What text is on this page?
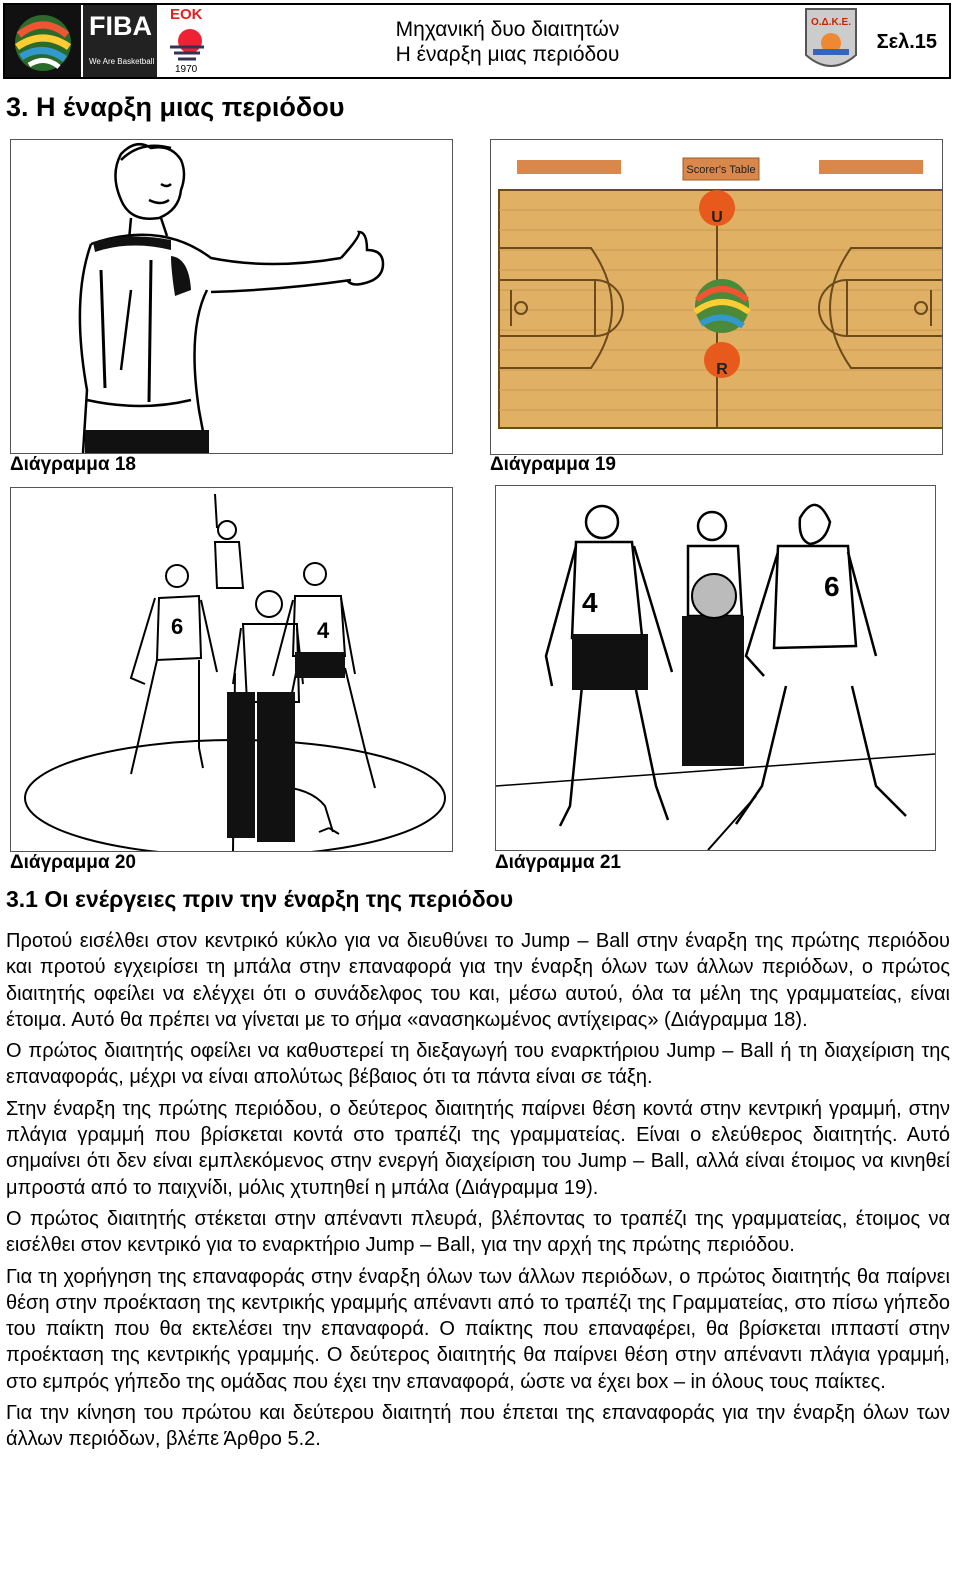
FIBA
We Are Basketball
ΕΟΚ
1970
Μηχανική δυο διαιτητών
Η έναρξη μιας περιόδου
Ο.Δ.Κ.Ε.
Σελ.15
3. Η έναρξη μιας περιόδου
Διάγραμμα 18
Scorer's Table
U
R
Διάγραμμα 19
6	4
Διάγραμμα 20
4
6
Διάγραμμα 21
3.1 Οι ενέργειες πριν την έναρξη της περιόδου

Προτού εισέλθει στον κεντρικό κύκλο για να διευθύνει το Jump – Ball στην έναρξη της πρώτης περιόδου και προτού εγχειρίσει τη μπάλα στην επαναφορά για την έναρξη όλων των άλλων περιόδων, ο πρώτος διαιτητής οφείλει να ελέγχει ότι ο συνάδελφος του και, μέσω αυτού, όλα τα μέλη της γραμματείας, είναι έτοιμα. Αυτό θα πρέπει να γίνεται με το σήμα «ανασηκωμένος αντίχειρας» (Διάγραμμα 18).

Ο πρώτος διαιτητής οφείλει να καθυστερεί τη διεξαγωγή του εναρκτήριου Jump – Ball ή τη διαχείριση της επαναφοράς, μέχρι να είναι απολύτως βέβαιος ότι τα πάντα είναι σε τάξη.

Στην έναρξη της πρώτης περιόδου, ο δεύτερος διαιτητής παίρνει θέση κοντά στην κεντρική γραμμή, στην πλάγια γραμμή που βρίσκεται κοντά στο τραπέζι της γραμματείας. Είναι ο ελεύθερος διαιτητής. Αυτό σημαίνει ότι δεν είναι εμπλεκόμενος στην ενεργή διαχείριση του Jump – Ball, αλλά είναι έτοιμος να κινηθεί μπροστά από το παιχνίδι, μόλις χτυπηθεί η μπάλα (Διάγραμμα 19).

Ο πρώτος διαιτητής στέκεται στην απέναντι πλευρά, βλέποντας το τραπέζι της γραμματείας, έτοιμος να εισέλθει στον κεντρικό για το εναρκτήριο Jump – Ball, για την αρχή της πρώτης περιόδου.

Για τη χορήγηση της επαναφοράς στην έναρξη όλων των άλλων περιόδων, ο πρώτος διαιτητής θα παίρνει θέση στην προέκταση της κεντρικής γραμμής απέναντι από το τραπέζι της Γραμματείας, στο πίσω γήπεδο του παίκτη που θα εκτελέσει την επαναφορά. Ο παίκτης που επαναφέρει, θα βρίσκεται ιππαστί στην προέκταση της κεντρικής γραμμής. Ο δεύτερος διαιτητής θα παίρνει θέση στην απέναντι πλάγια γραμμή, στο εμπρός γήπεδο της ομάδας που έχει την επαναφορά, ώστε να έχει box – in όλους τους παίκτες.

Για την κίνηση του πρώτου και δεύτερου διαιτητή που έπεται της επαναφοράς για την έναρξη όλων των άλλων περιόδων, βλέπε Άρθρο 5.2.
